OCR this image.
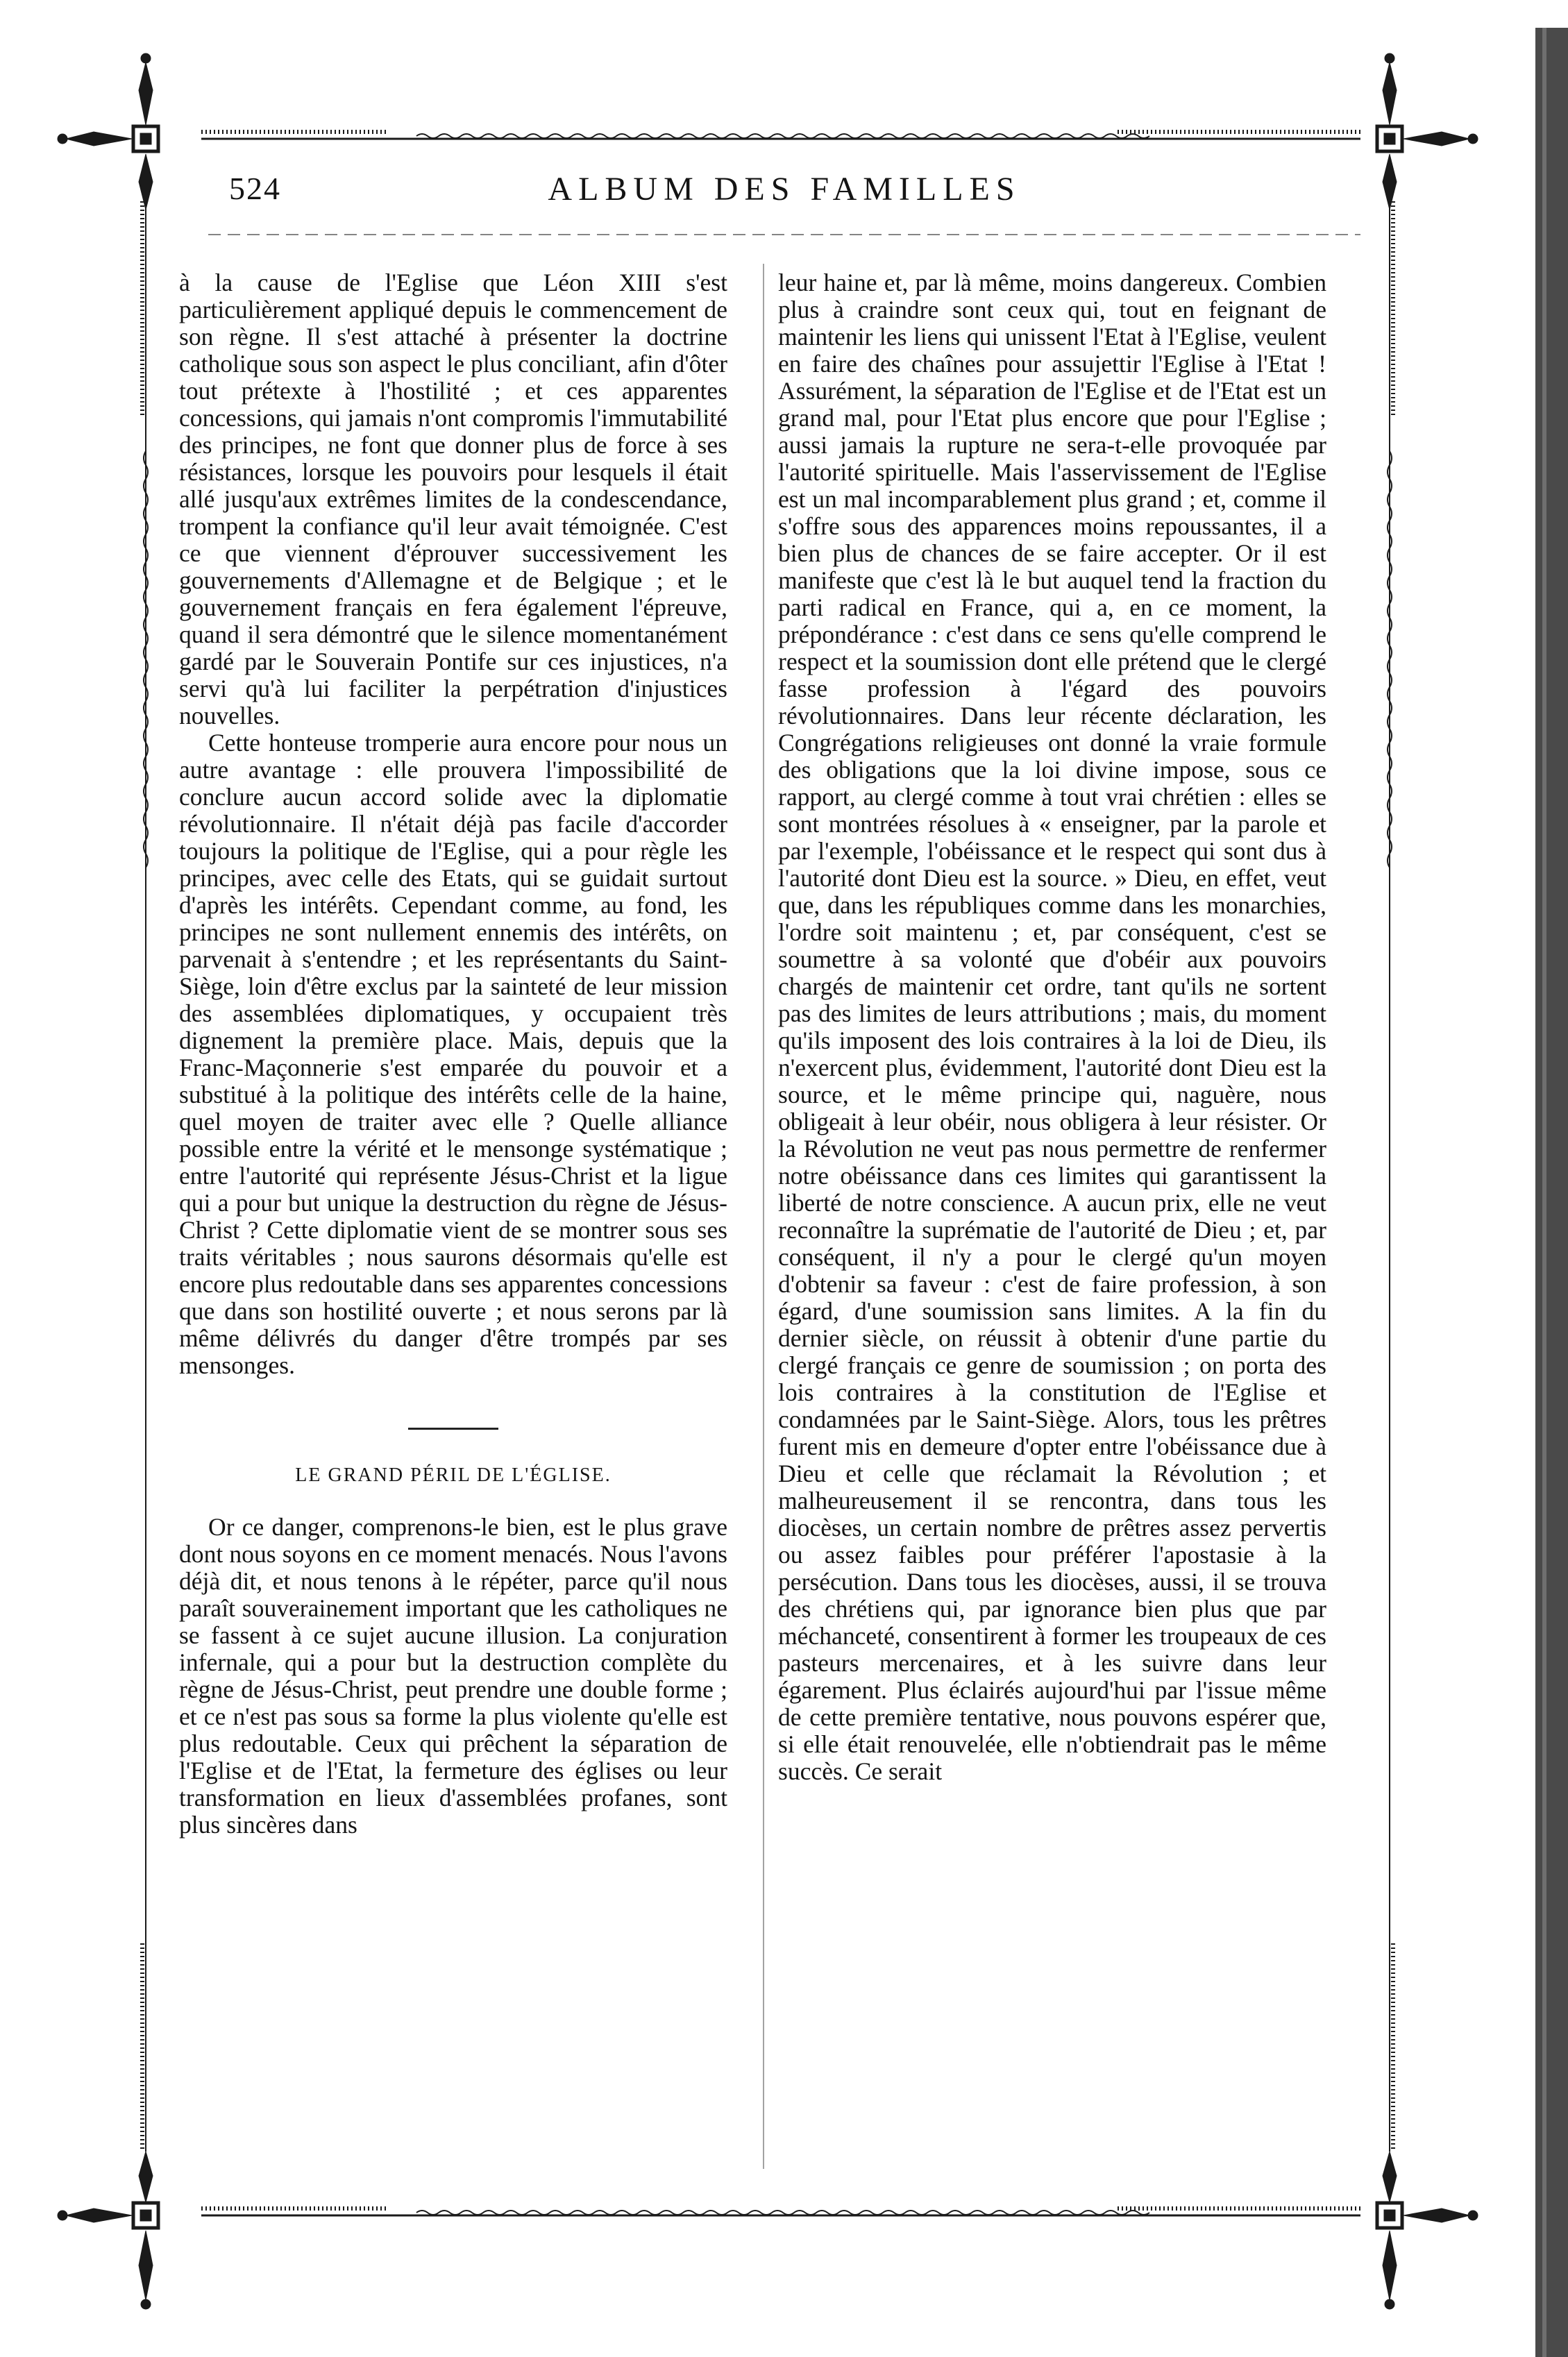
524	ALBUM DES FAMILLES

à la cause de l'Eglise que Léon XIII s'est particulièrement appliqué depuis le commencement de son règne. Il s'est attaché à présenter la doctrine catholique sous son aspect le plus conciliant, afin d'ôter tout prétexte à l'hostilité ; et ces apparentes concessions, qui jamais n'ont compromis l'immutabilité des principes, ne font que donner plus de force à ses résistances, lorsque les pouvoirs pour lesquels il était allé jusqu'aux extrêmes limites de la condescendance, trompent la confiance qu'il leur avait témoignée. C'est ce que viennent d'éprouver successivement les gouvernements d'Allemagne et de Belgique ; et le gouvernement français en fera également l'épreuve, quand il sera démontré que le silence momentanément gardé par le Souverain Pontife sur ces injustices, n'a servi qu'à lui faciliter la perpétration d'injustices nouvelles.

Cette honteuse tromperie aura encore pour nous un autre avantage : elle prouvera l'impossibilité de conclure aucun accord solide avec la diplomatie révolutionnaire. Il n'était déjà pas facile d'accorder toujours la politique de l'Eglise, qui a pour règle les principes, avec celle des Etats, qui se guidait surtout d'après les intérêts. Cependant comme, au fond, les principes ne sont nullement ennemis des intérêts, on parvenait à s'entendre ; et les représentants du Saint-Siège, loin d'être exclus par la sainteté de leur mission des assemblées diplomatiques, y occupaient très dignement la première place. Mais, depuis que la Franc-Maçonnerie s'est emparée du pouvoir et a substitué à la politique des intérêts celle de la haine, quel moyen de traiter avec elle ? Quelle alliance possible entre la vérité et le mensonge systématique ; entre l'autorité qui représente Jésus-Christ et la ligue qui a pour but unique la destruction du règne de Jésus-Christ ? Cette diplomatie vient de se montrer sous ses traits véritables ; nous saurons désormais qu'elle est encore plus redoutable dans ses apparentes concessions que dans son hostilité ouverte ; et nous serons par là même délivrés du danger d'être trompés par ses mensonges.

LE GRAND PÉRIL DE L'ÉGLISE.

Or ce danger, comprenons-le bien, est le plus grave dont nous soyons en ce moment menacés. Nous l'avons déjà dit, et nous tenons à le répéter, parce qu'il nous paraît souverainement important que les catholiques ne se fassent à ce sujet aucune illusion. La conjuration infernale, qui a pour but la destruction complète du règne de Jésus-Christ, peut prendre une double forme ; et ce n'est pas sous sa forme la plus violente qu'elle est plus redoutable. Ceux qui prêchent la séparation de l'Eglise et de l'Etat, la fermeture des églises ou leur transformation en lieux d'assemblées profanes, sont plus sincères dans

leur haine et, par là même, moins dangereux. Combien plus à craindre sont ceux qui, tout en feignant de maintenir les liens qui unissent l'Etat à l'Eglise, veulent en faire des chaînes pour assujettir l'Eglise à l'Etat ! Assurément, la séparation de l'Eglise et de l'Etat est un grand mal, pour l'Etat plus encore que pour l'Eglise ; aussi jamais la rupture ne sera-t-elle provoquée par l'autorité spirituelle. Mais l'asservissement de l'Eglise est un mal incomparablement plus grand ; et, comme il s'offre sous des apparences moins repoussantes, il a bien plus de chances de se faire accepter. Or il est manifeste que c'est là le but auquel tend la fraction du parti radical en France, qui a, en ce moment, la prépondérance : c'est dans ce sens qu'elle comprend le respect et la soumission dont elle prétend que le clergé fasse profession à l'égard des pouvoirs révolutionnaires. Dans leur récente déclaration, les Congrégations religieuses ont donné la vraie formule des obligations que la loi divine impose, sous ce rapport, au clergé comme à tout vrai chrétien : elles se sont montrées résolues à « enseigner, par la parole et par l'exemple, l'obéissance et le respect qui sont dus à l'autorité dont Dieu est la source. » Dieu, en effet, veut que, dans les républiques comme dans les monarchies, l'ordre soit maintenu ; et, par conséquent, c'est se soumettre à sa volonté que d'obéir aux pouvoirs chargés de maintenir cet ordre, tant qu'ils ne sortent pas des limites de leurs attributions ; mais, du moment qu'ils imposent des lois contraires à la loi de Dieu, ils n'exercent plus, évidemment, l'autorité dont Dieu est la source, et le même principe qui, naguère, nous obligeait à leur obéir, nous obligera à leur résister. Or la Révolution ne veut pas nous permettre de renfermer notre obéissance dans ces limites qui garantissent la liberté de notre conscience. A aucun prix, elle ne veut reconnaître la suprématie de l'autorité de Dieu ; et, par conséquent, il n'y a pour le clergé qu'un moyen d'obtenir sa faveur : c'est de faire profession, à son égard, d'une soumission sans limites. A la fin du dernier siècle, on réussit à obtenir d'une partie du clergé français ce genre de soumission ; on porta des lois contraires à la constitution de l'Eglise et condamnées par le Saint-Siège. Alors, tous les prêtres furent mis en demeure d'opter entre l'obéissance due à Dieu et celle que réclamait la Révolution ; et malheureusement il se rencontra, dans tous les diocèses, un certain nombre de prêtres assez pervertis ou assez faibles pour préférer l'apostasie à la persécution. Dans tous les diocèses, aussi, il se trouva des chrétiens qui, par ignorance bien plus que par méchanceté, consentirent à former les troupeaux de ces pasteurs mercenaires, et à les suivre dans leur égarement. Plus éclairés aujourd'hui par l'issue même de cette première tentative, nous pouvons espérer que, si elle était renouvelée, elle n'obtiendrait pas le même succès. Ce serait
